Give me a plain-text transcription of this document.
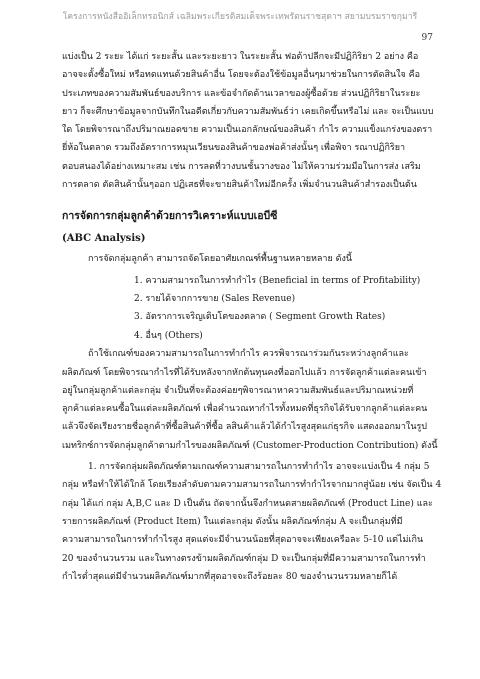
โครงการหนังสืออิเล็กทรอนิกส์ เฉลิมพระเกียรติสมเด็จพระเทพรัตนราชสุดาฯ สยามบรมราชกุมารี
97

แบ่งเป็น 2 ระยะ ได้แก่ ระยะสั้น และระยะยาว ในระยะสั้น ฟอด้าปลีกจะมีปฏิกิริยา 2 อย่าง คือ

อาจจะตั้งซื้อใหม่ หรือทดแทนด้วยสินค้าอื่น โดยจะต้องใช้ข้อมูลอื่นๆมาช่วยในการตัดสินใจ คือ

ประเภทของความสัมพันธ์ของบริการ และข้อจำกัดด้านเวลาของผู้ซื้อด้วย ส่วนปฏิกิริยาในระยะ

ยาว ก็จะศึกษาข้อมูลจากบันทึกในอดีตเกี่ยวกับความสัมพันธ์ว่า เคยเกิดขึ้นหรือไม่ และ จะเป็นแบบ

ใด โดยพิจารณาถึงปริมาณยอดขาย ความเป็นเอกลักษณ์ของสินค้า กำไร ความแข็งแกร่งของตรา

ยี่ห้อในตลาด รวมถึงอัตราการหมุนเวียนของสินค้าของพ่อค้าส่งนั้นๆ เพื่อพิจา รณาปฏิกิริยา

ตอบสนองได้อย่างเหมาะสม เช่น การลดที่วางบนชั้นวางของ ไม่ให้ความร่วมมือในการส่ง เสริม

การตลาด ตัดสินค้านั้นๆออก ปฏิเสธที่จะขายสินค้าใหม่อีกครั้ง เพิ่มจำนวนสินค้าสำรองเป็นต้น

การจัดการกลุ่มลูกค้าด้วยการวิเคราะห์แบบเอบีซี
(ABC Analysis)

การจัดกลุ่มลูกค้า สามารถจัดโดยอาศัยเกณฑ์พื้นฐานหลายหลาย ดังนี้

1. ความสามารถในการทำกำไร (Beneficial in terms of Profitability)
2. รายได้จากการขาย (Sales Revenue)
3. อัตราการเจริญเติบโตของตลาด ( Segment Growth Rates)
4. อื่นๆ (Others)

ถ้าใช้เกณฑ์ของความสามารถในการทำกำไร ควรพิจารณาร่วมกันระหว่างลูกค้าและ

ผลิตภัณฑ์ โดยพิจารณากำไรที่ได้รับหลังจากหักต้นทุนคงที่ออกไปแล้ว การจัดลูกค้าแต่ละคนเข้า

อยู่ในกลุ่มลูกค้าแต่ละกลุ่ม จำเป็นที่จะต้องค่อยๆพิจารณาหาความสัมพันธ์และปริมาณหน่วยที่

ลูกค้าแต่ละคนซื้อในแต่ละผลิตภัณฑ์ เพื่อคำนวณหากำไรทั้งหมดที่ธุรกิจได้รับจากลูกค้าแต่ละคน

แล้วจึงจัดเรียงรายชื่อลูกค้าที่ซื้อสินค้าที่ซื้อ ลสินค้าแล้วได้กำไรสูงสุดแก่ธุรกิจ แสดงออกมาในรูป

เมทริกซ์การจัดกลุ่มลูกค้าตามกำไรของผลิตภัณฑ์ (Customer-Production Contribution) ดังนี้

1. การจัดกลุ่มผลิตภัณฑ์ตามเกณฑ์ความสามารถในการทำกำไร อาจจะแบ่งเป็น 4 กลุ่ม 5

กลุ่ม หรือทำให้ได้ใกล้ โดยเรียงลำดับตามความสามารถในการทำกำไรจากมากสู่น้อย เช่น จัดเป็น 4

กลุ่ม ได้แก่ กลุ่ม A,B,C และ D เป็นต้น ถัดจากนั้นจึงกำหนดสายผลิตภัณฑ์ (Product Line) และ

รายการผลิตภัณฑ์ (Product Item) ในแต่ละกลุ่ม ดังนั้น ผลิตภัณฑ์กลุ่ม A จะเป็นกลุ่มที่มี

ความสามารถในการทำกำไรสูง สุดแต่จะมีจำนวนน้อยที่สุดอาจจะเพียงเครือละ 5-10 แต่ไม่เกิน

20 ของจำนวนรวม และในทางตรงข้ามผลิตภัณฑ์กลุ่ม D จะเป็นกลุ่มที่มีความสามารถในการทำ

กำไรต่ำสุดแต่มีจำนวนผลิตภัณฑ์มากที่สุดอาจจะถึงร้อยละ 80 ของจำนวนรวมหลายก็ได้
